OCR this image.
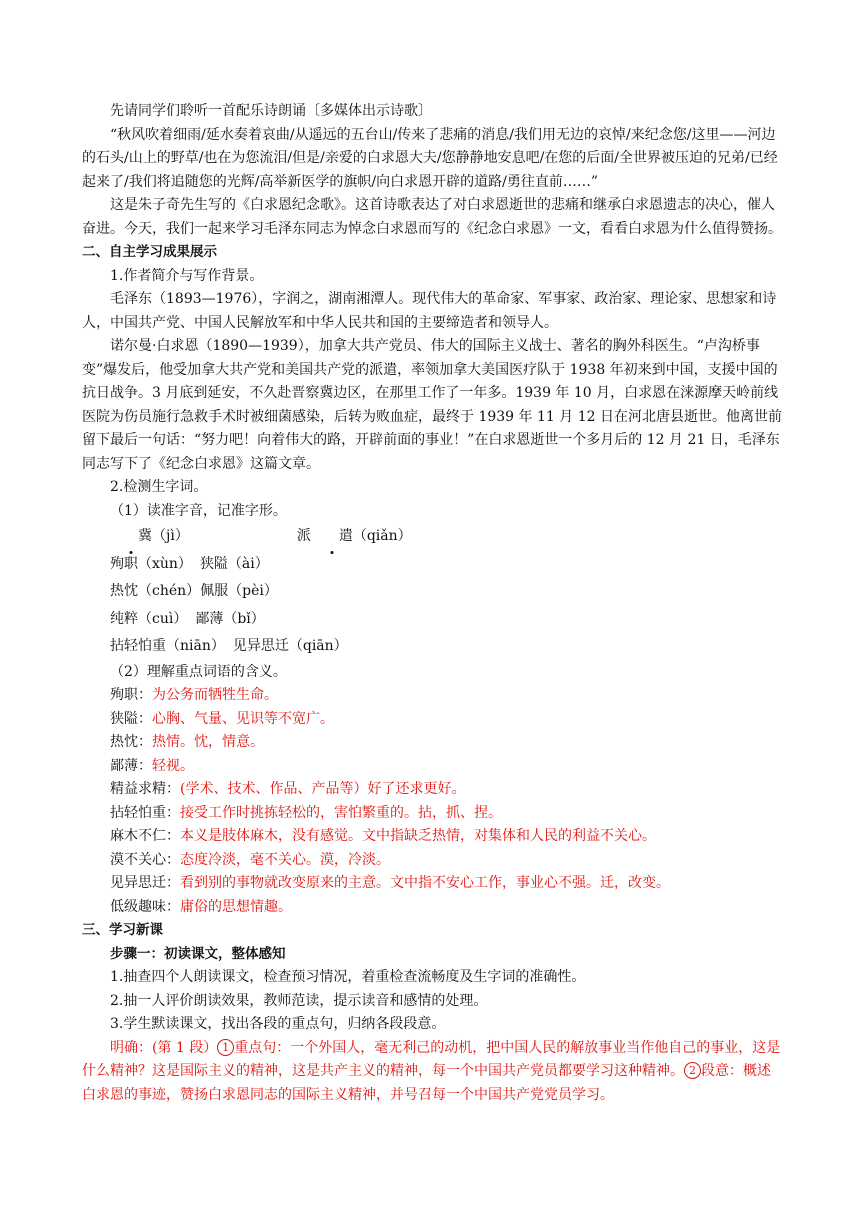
先请同学们聆听一首配乐诗朗诵〔多媒体出示诗歌〕

“秋风吹着细雨/延水奏着哀曲/从遥远的五台山/传来了悲痛的消息/我们用无边的哀悼/来纪念您/这里——河边的石头/山上的野草/也在为您流泪/但是/亲爱的白求恩大夫/您静静地安息吧/在您的后面/全世界被压迫的兄弟/已经起来了/我们将追随您的光辉/高举新医学的旗帜/向白求恩开辟的道路/勇往直前……”

这是朱子奇先生写的《白求恩纪念歌》。这首诗歌表达了对白求恩逝世的悲痛和继承白求恩遗志的决心，催人奋进。今天，我们一起来学习毛泽东同志为悼念白求恩而写的《纪念白求恩》一文，看看白求恩为什么值得赞扬。

二、自主学习成果展示

1.作者简介与写作背景。

毛泽东（1893—1976），字润之，湖南湘潭人。现代伟大的革命家、军事家、政治家、理论家、思想家和诗人，中国共产党、中国人民解放军和中华人民共和国的主要缔造者和领导人。

诺尔曼·白求恩（1890—1939），加拿大共产党员、伟大的国际主义战士、著名的胸外科医生。“卢沟桥事变”爆发后，他受加拿大共产党和美国共产党的派遣，率领加拿大美国医疗队于 1938 年初来到中国，支援中国的抗日战争。3 月底到延安，不久赴晋察冀边区，在那里工作了一年多。1939 年 10 月，白求恩在涞源摩天岭前线医院为伤员施行急救手术时被细菌感染，后转为败血症，最终于 1939 年 11 月 12 日在河北唐县逝世。他离世前留下最后一句话：“努力吧！向着伟大的路，开辟前面的事业！”在白求恩逝世一个多月后的 12 月 21 日，毛泽东同志写下了《纪念白求恩》这篇文章。

2.检测生字词。

（1）读准字音，记准字形。

冀（jì）	派 遣（qiǎn）

殉职（xùn） 狭隘（ài）

热忱（chén）佩服（pèi）

纯粹（cuì） 鄙薄（bǐ）

拈轻怕重（niān） 见异思迁（qiān）

（2）理解重点词语的含义。

殉职：为公务而牺牲生命。

狭隘：心胸、气量、见识等不宽广。

热忱：热情。忱，情意。

鄙薄：轻视。

精益求精：(学术、技术、作品、产品等）好了还求更好。

拈轻怕重：接受工作时挑拣轻松的，害怕繁重的。拈，抓、捏。

麻木不仁：本义是肢体麻木，没有感觉。文中指缺乏热情，对集体和人民的利益不关心。

漠不关心：态度冷淡，毫不关心。漠，冷淡。

见异思迁：看到别的事物就改变原来的主意。文中指不安心工作，事业心不强。迁，改变。

低级趣味：庸俗的思想情趣。

三、学习新课

步骤一：初读课文，整体感知

1.抽查四个人朗读课文，检查预习情况，着重检查流畅度及生字词的准确性。

2.抽一人评价朗读效果，教师范读，提示读音和感情的处理。

3.学生默读课文，找出各段的重点句，归纳各段段意。

明确：(第 1 段） 1 重点句：一个外国人，毫无利己的动机，把中国人民的解放事业当作他自己的事业，这是什么精神？这是国际主义的精神，这是共产主义的精神，每一个中国共产党员都要学习这种精神。 2 段意：概述白求恩的事迹，赞扬白求恩同志的国际主义精神，并号召每一个中国共产党党员学习。
